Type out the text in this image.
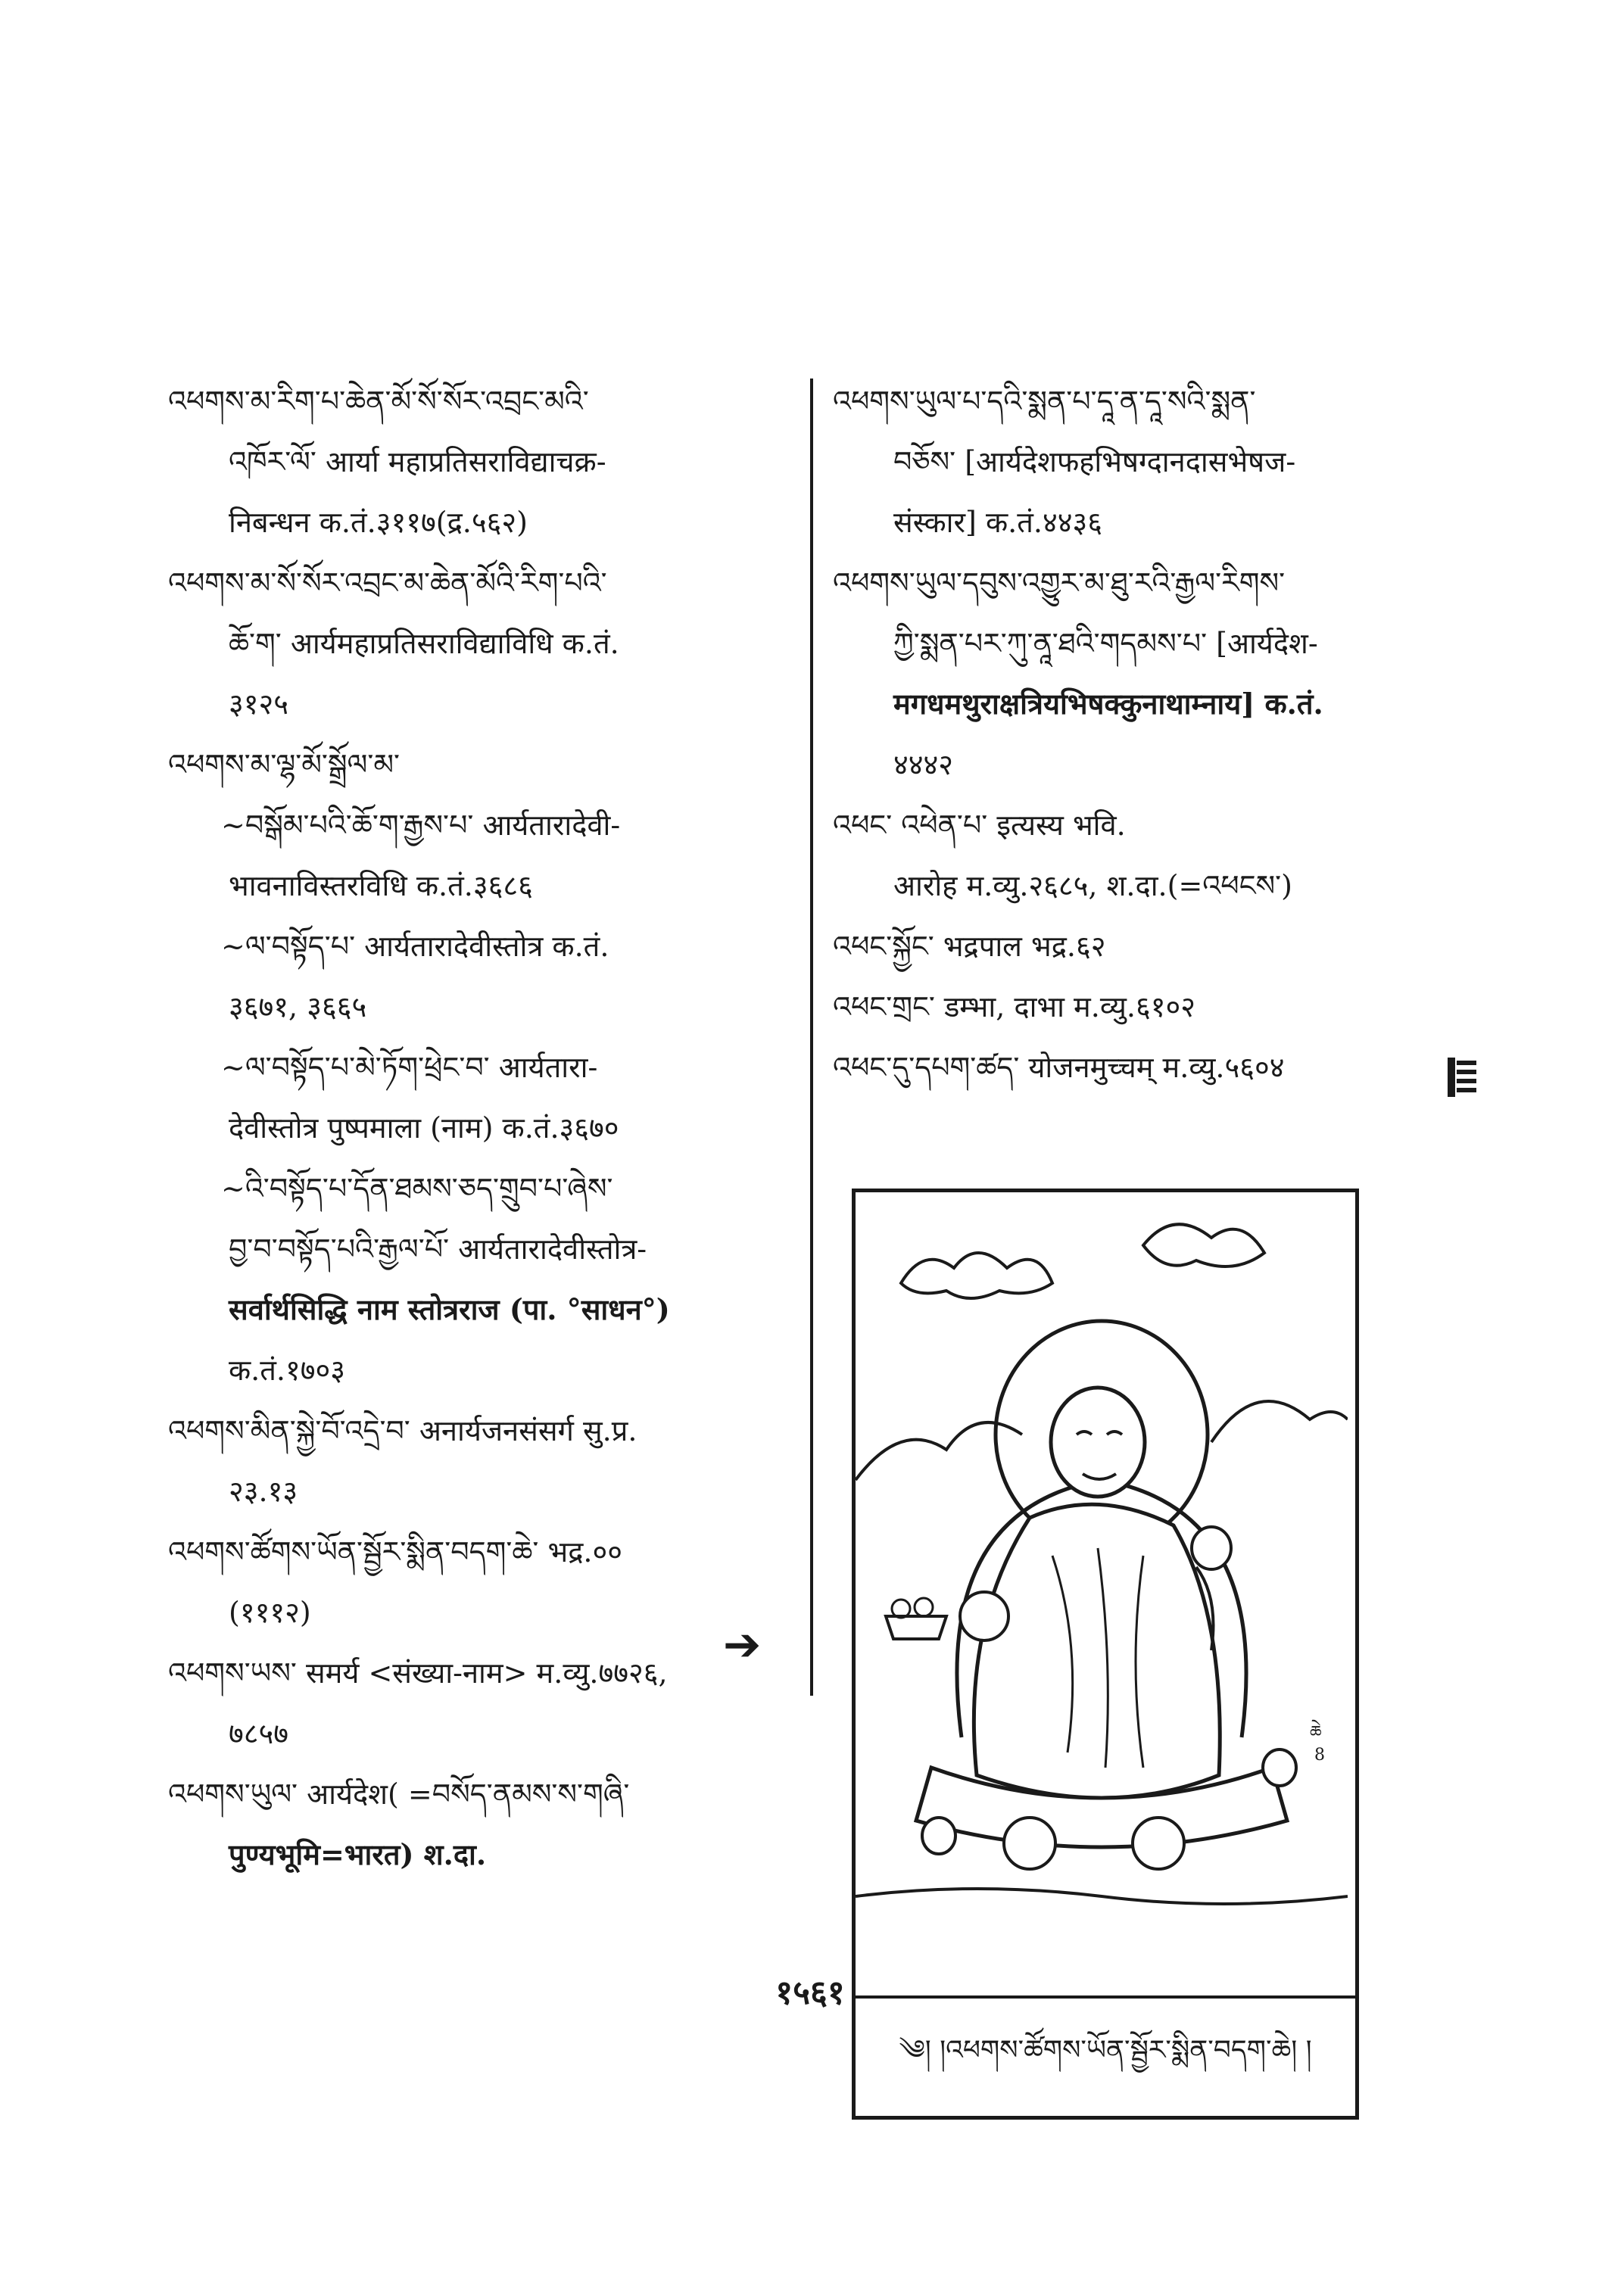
འཕགས་མ་རིག་པ་ཆེན་མོ་སོ་སོར་འབྲང་མའི་
འཁོར་ལོ་ आर्या महाप्रतिसराविद्याचक्र-
निबन्धन क.तं.३११७(द्र.५६२)
འཕགས་མ་སོ་སོར་འབྲང་མ་ཆེན་མོའི་རིག་པའི་
ཆོ་ག་ आर्यमहाप्रतिसराविद्याविधि क.तं.
३१२५
འཕགས་མ་ལྷ་མོ་སྒྲོལ་མ་
~བསྒོམ་པའི་ཆོ་ག་རྒྱས་པ་ आर्यतारादेवी-
भावनाविस्तरविधि क.तं.३६८६
~ལ་བསྟོད་པ་ आर्यतारादेवीस्तोत्र क.तं.
३६७१, ३६६५
~ལ་བསྟོད་པ་མེ་ཏོག་ཕྲེང་བ་ आर्यतारा-
देवीस्तोत्र पुष्पमाला (नाम) क.तं.३६७०
~འི་བསྟོད་པ་དོན་ཐམས་ཅད་གྲུབ་པ་ཞེས་
བྱ་བ་བསྟོད་པའི་རྒྱལ་པོ་ आर्यतारादेवीस्तोत्र-
सर्वार्थसिद्धि नाम स्तोत्रराज (पा. °साधन°)
क.तं.१७०३
འཕགས་མིན་སྐྱེ་བོ་འདྲེ་བ་ अनार्यजनसंसर्ग सु.प्र.
२३.१३
འཕགས་ཚོགས་ཡོན་སྦྱོར་སྨིན་བདག་ཆེ་ भद्र.००
(१११२)
འཕགས་ཡས་ समर्य <संख्या-नाम> म.व्यु.७७२६,
७८५७
འཕགས་ཡུལ་ आर्यदेश( =བསོད་ནམས་ས་གཞི་
पुण्यभूमि=भारत) श.दा.
➔
འཕགས་ཡུལ་པ་དའི་སྨན་པ་དཱ་ན་དཱ་སའི་སྨན་
བཅོས་ [आर्यदेशफहभिषग्दानदासभेषज-
संस्कार] क.तं.४४३६
འཕགས་ཡུལ་དབུས་འགྱུར་མ་ཐུ་རའི་རྒྱལ་རིགས་
ཀྱི་སྨན་པར་ཀུ་ནཱ་ཐའི་གདམས་པ་ [आर्यदेश-
मगधमथुराक्षत्रियभिषक्कुनाथाम्नाय] क.तं.
४४४२
འཕང་ འཕེན་པ་ इत्यस्य भवि.
आरोह म.व्यु.२६८५, श.दा.(=འཕངས་)
འཕང་སྐྱོང་ भद्रपाल भद्र.६२
འཕང་གྲང་ डम्भा, दाभा म.व्यु.६१०२
འཕང་དུ་དཔག་ཚད་ योजनमुच्चम् म.व्यु.५६०४
ཆེ
8
༄། །འཕགས་ཚོགས་ཡོན་སྦྱོར་སྨིན་བདག་ཆེ། །
१५६१
